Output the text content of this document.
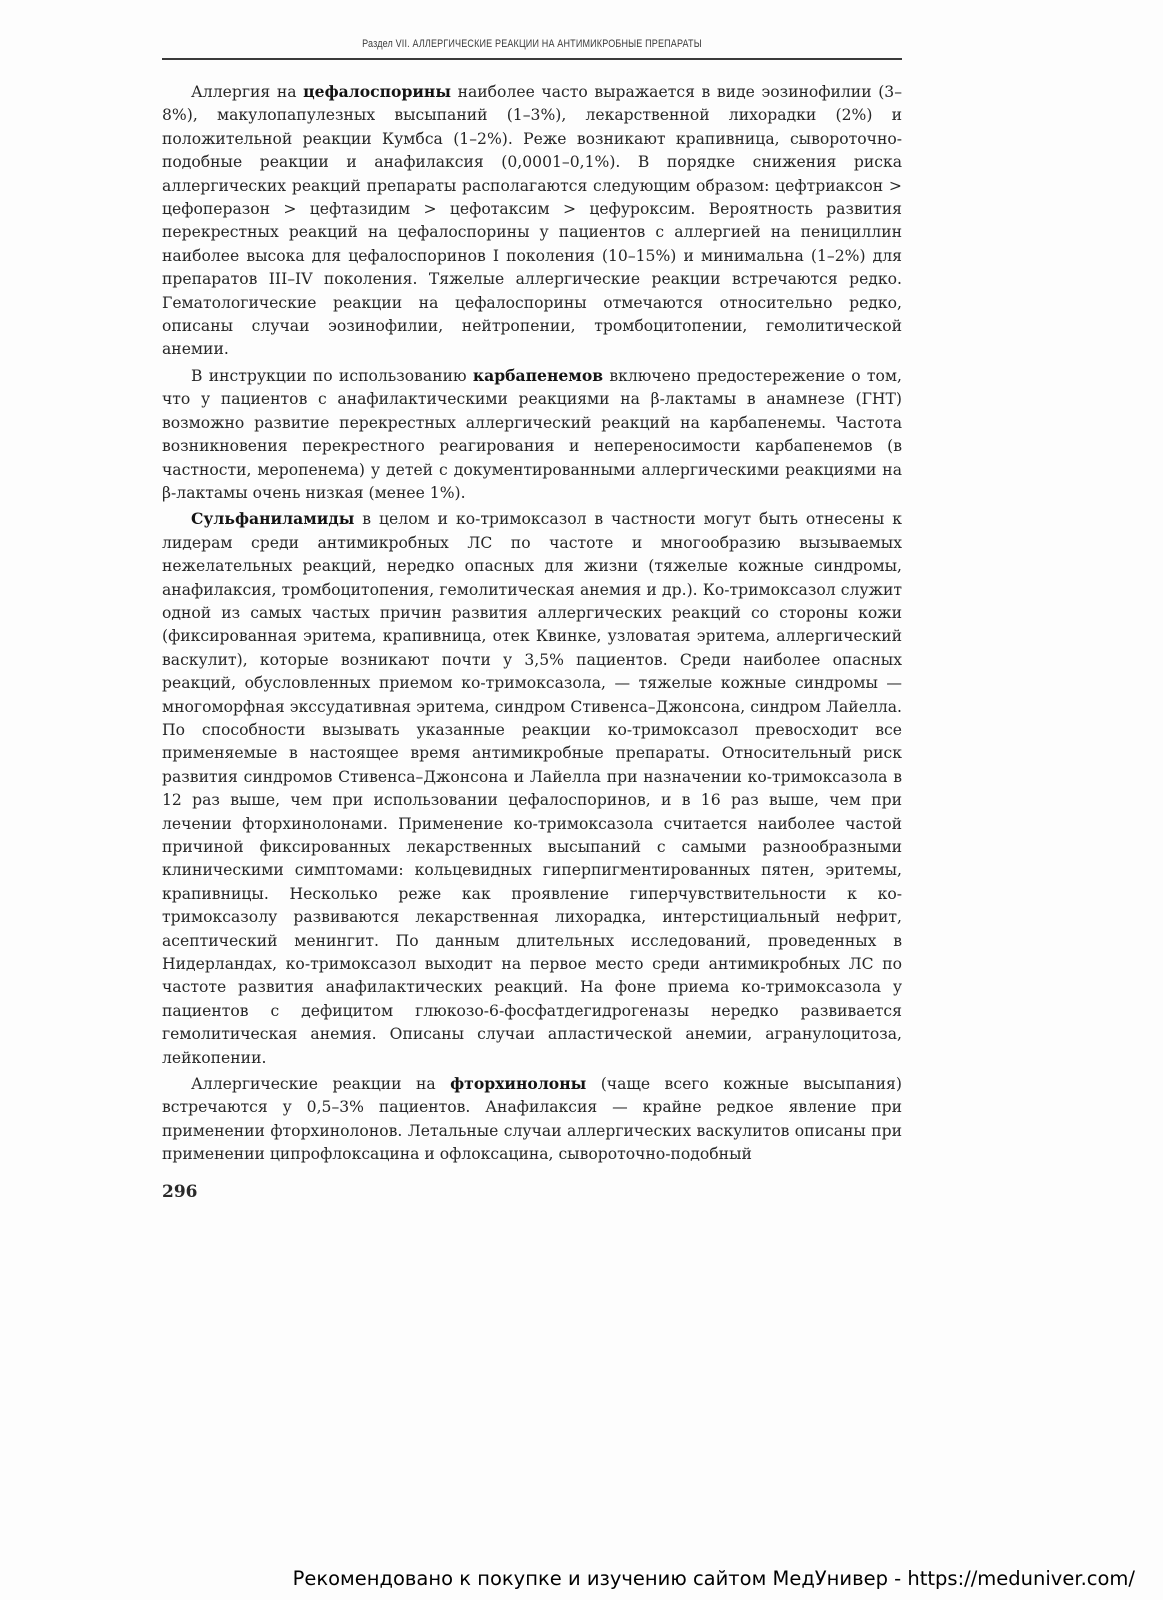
Раздел VII. АЛЛЕРГИЧЕСКИЕ РЕАКЦИИ НА АНТИМИКРОБНЫЕ ПРЕПАРАТЫ

Аллергия на цефалоспорины наиболее часто выражается в виде эозинофилии (3–8%), макулопапулезных высыпаний (1–3%), лекарственной лихорадки (2%) и положительной реакции Кумбса (1–2%). Реже возникают крапивница, сывороточно-подобные реакции и анафилаксия (0,0001–0,1%). В порядке снижения риска аллергических реакций препараты располагаются следующим образом: цефтриаксон > цефоперазон > цефтазидим > цефотаксим > цефуроксим. Вероятность развития перекрестных реакций на цефалоспорины у пациентов с аллергией на пенициллин наиболее высока для цефалоспоринов I поколения (10–15%) и минимальна (1–2%) для препаратов III–IV поколения. Тяжелые аллергические реакции встречаются редко. Гематологические реакции на цефалоспорины отмечаются относительно редко, описаны случаи эозинофилии, нейтропении, тромбоцитопении, гемолитической анемии.

В инструкции по использованию карбапенемов включено предостережение о том, что у пациентов с анафилактическими реакциями на β-лактамы в анамнезе (ГНТ) возможно развитие перекрестных аллергический реакций на карбапенемы. Частота возникновения перекрестного реагирования и непереносимости карбапенемов (в частности, меропенема) у детей с документированными аллергическими реакциями на β-лактамы очень низкая (менее 1%).

Сульфаниламиды в целом и ко-тримоксазол в частности могут быть отнесены к лидерам среди антимикробных ЛС по частоте и многообразию вызываемых нежелательных реакций, нередко опасных для жизни (тяжелые кожные синдромы, анафилаксия, тромбоцитопения, гемолитическая анемия и др.). Ко-тримоксазол служит одной из самых частых причин развития аллергических реакций со стороны кожи (фиксированная эритема, крапивница, отек Квинке, узловатая эритема, аллергический васкулит), которые возникают почти у 3,5% пациентов. Среди наиболее опасных реакций, обусловленных приемом ко-тримоксазола, — тяжелые кожные синдромы — многоморфная экссудативная эритема, синдром Стивенса–Джонсона, синдром Лайелла. По способности вызывать указанные реакции ко-тримоксазол превосходит все применяемые в настоящее время антимикробные препараты. Относительный риск развития синдромов Стивенса–Джонсона и Лайелла при назначении ко-тримоксазола в 12 раз выше, чем при использовании цефалоспоринов, и в 16 раз выше, чем при лечении фторхинолонами. Применение ко-тримоксазола считается наиболее частой причиной фиксированных лекарственных высыпаний с самыми разнообразными клиническими симптомами: кольцевидных гиперпигментированных пятен, эритемы, крапивницы. Несколько реже как проявление гиперчувствительности к ко-тримоксазолу развиваются лекарственная лихорадка, интерстициальный нефрит, асептический менингит. По данным длительных исследований, проведенных в Нидерландах, ко-тримоксазол выходит на первое место среди антимикробных ЛС по частоте развития анафилактических реакций. На фоне приема ко-тримоксазола у пациентов с дефицитом глюкозо-6-фосфатдегидрогеназы нередко развивается гемолитическая анемия. Описаны случаи апластической анемии, агранулоцитоза, лейкопении.

Аллергические реакции на фторхинолоны (чаще всего кожные высыпания) встречаются у 0,5–3% пациентов. Анафилаксия — крайне редкое явление при применении фторхинолонов. Летальные случаи аллергических васкулитов описаны при применении ципрофлоксацина и офлоксацина, сывороточно-подобный

296
Рекомендовано к покупке и изучению сайтом МедУнивер - https://meduniver.com/
